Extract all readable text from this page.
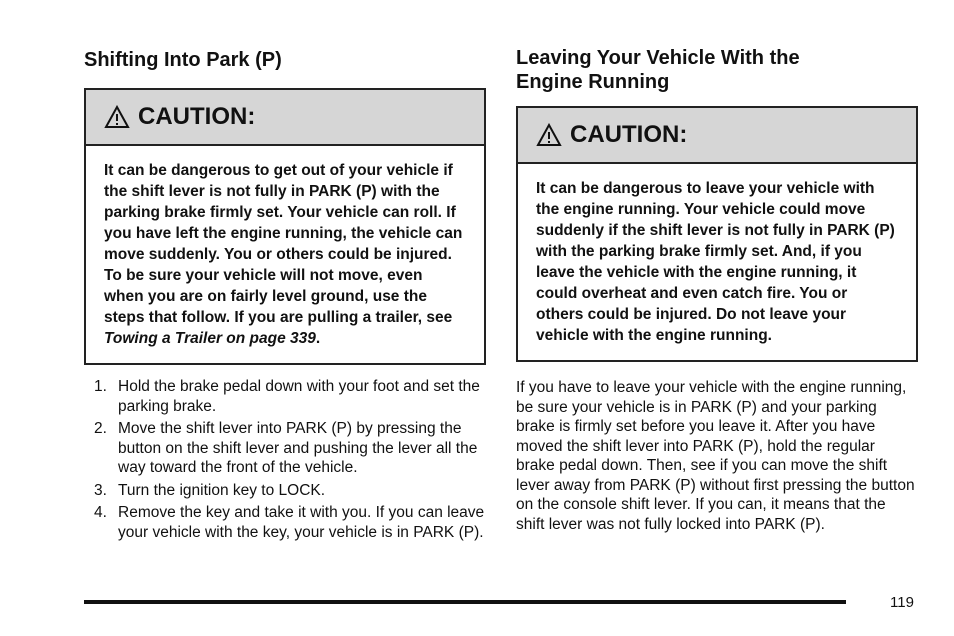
Shifting Into Park (P)
CAUTION:
It can be dangerous to get out of your vehicle if the shift lever is not fully in PARK (P) with the parking brake firmly set. Your vehicle can roll. If you have left the engine running, the vehicle can move suddenly. You or others could be injured. To be sure your vehicle will not move, even when you are on fairly level ground, use the steps that follow. If you are pulling a trailer, see Towing a Trailer on page 339.
1. Hold the brake pedal down with your foot and set the parking brake.
2. Move the shift lever into PARK (P) by pressing the button on the shift lever and pushing the lever all the way toward the front of the vehicle.
3. Turn the ignition key to LOCK.
4. Remove the key and take it with you. If you can leave your vehicle with the key, your vehicle is in PARK (P).
Leaving Your Vehicle With the Engine Running
CAUTION:
It can be dangerous to leave your vehicle with the engine running. Your vehicle could move suddenly if the shift lever is not fully in PARK (P) with the parking brake firmly set. And, if you leave the vehicle with the engine running, it could overheat and even catch fire. You or others could be injured. Do not leave your vehicle with the engine running.

If you have to leave your vehicle with the engine running, be sure your vehicle is in PARK (P) and your parking brake is firmly set before you leave it. After you have moved the shift lever into PARK (P), hold the regular brake pedal down. Then, see if you can move the shift lever away from PARK (P) without first pressing the button on the console shift lever. If you can, it means that the shift lever was not fully locked into PARK (P).

119
